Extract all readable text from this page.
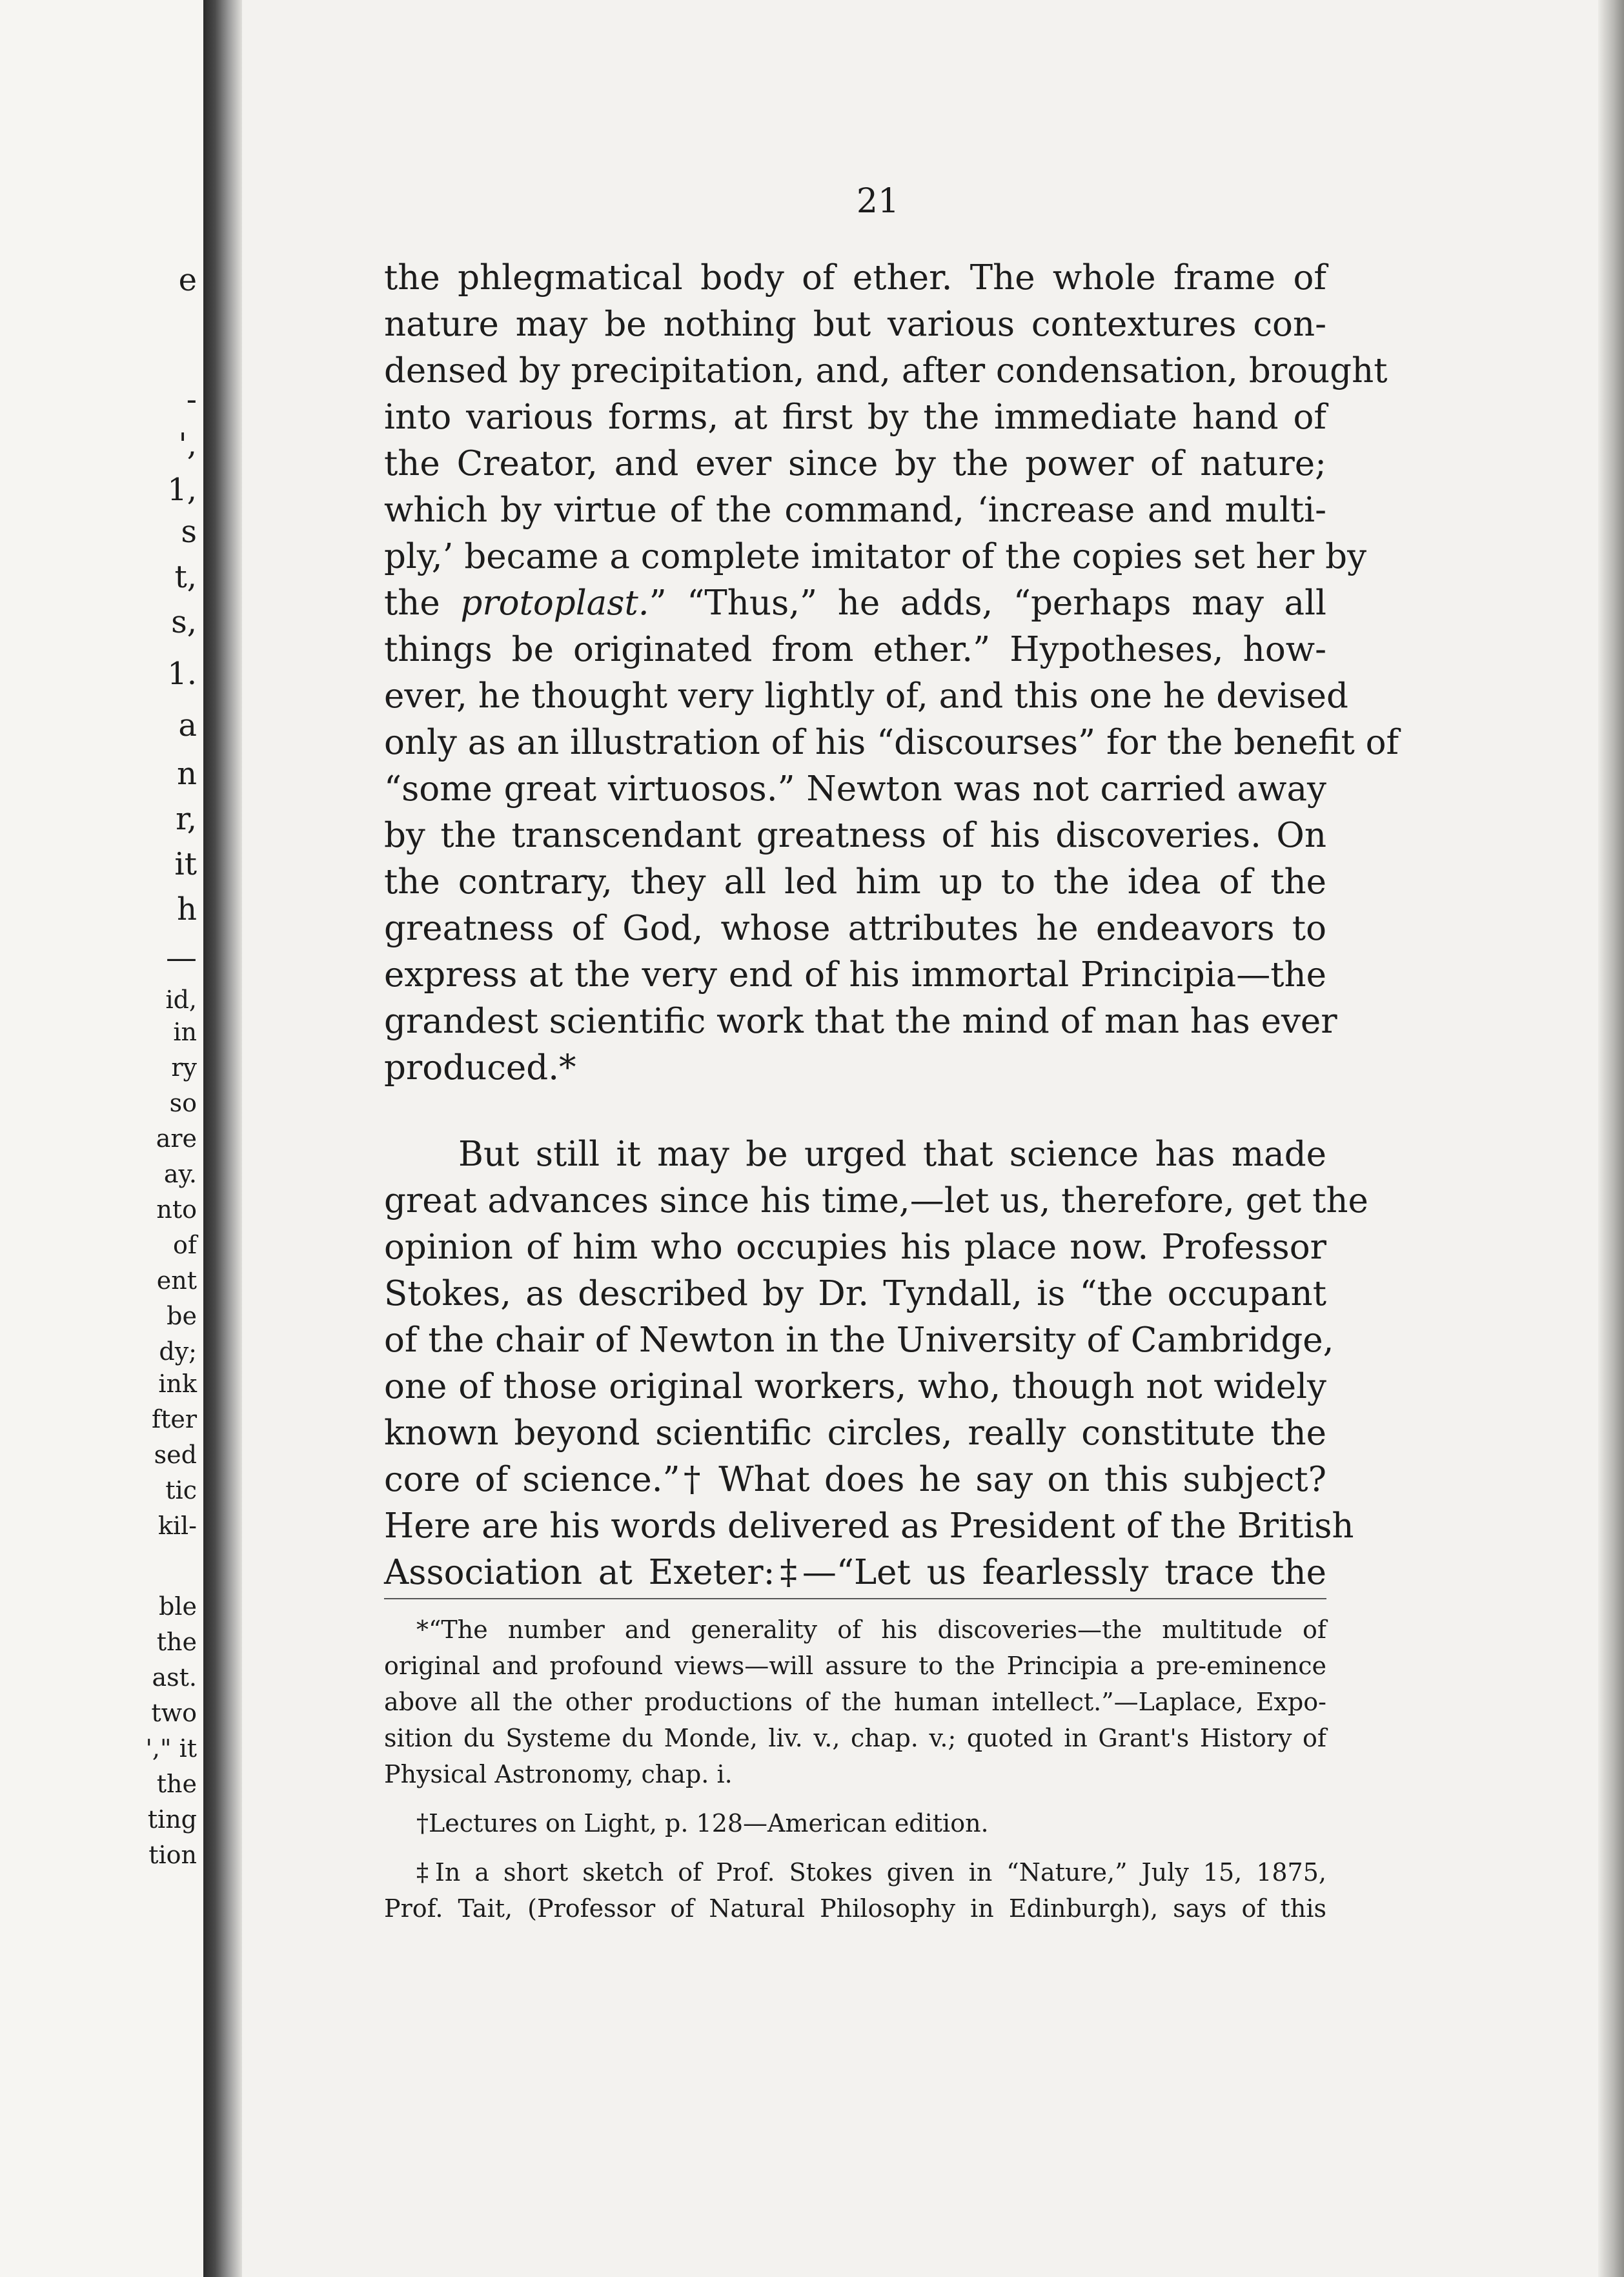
e
-
',
1,
s
t,
s,
1.
a
n
r,
it
h
—
id,
in
ry
so
are
ay.
nto
of
ent
be
dy;
ink
fter
sed
tic
kil-
ble
the
ast.
two
'," it
the
ting
tion
21
the phlegmatical body of ether. The whole frame of
nature may be nothing but various contextures con-
densed by precipitation, and, after condensation, brought
into various forms, at first by the immediate hand of
the Creator, and ever since by the power of nature;
which by virtue of the command, ‘increase and multi-
ply,’ became a complete imitator of the copies set her by
the protoplast.” “Thus,” he adds, “perhaps may all
things be originated from ether.” Hypotheses, how-
ever, he thought very lightly of, and this one he devised
only as an illustration of his “discourses” for the benefit of
“some great virtuosos.” Newton was not carried away
by the transcendant greatness of his discoveries. On
the contrary, they all led him up to the idea of the
greatness of God, whose attributes he endeavors to
express at the very end of his immortal Principia—the
grandest scientific work that the mind of man has ever
produced.*
But still it may be urged that science has made
great advances since his time,—let us, therefore, get the
opinion of him who occupies his place now. Professor
Stokes, as described by Dr. Tyndall, is “the occupant
of the chair of Newton in the University of Cambridge,
one of those original workers, who, though not widely
known beyond scientific circles, really constitute the
core of science.”† What does he say on this subject?
Here are his words delivered as President of the British
Association at Exeter:‡—“Let us fearlessly trace the
*“The number and generality of his discoveries—the multitude of
original and profound views—will assure to the Principia a pre-eminence
above all the other productions of the human intellect.”—Laplace, Expo-
sition du Systeme du Monde, liv. v., chap. v.; quoted in Grant's History of
Physical Astronomy, chap. i.
†Lectures on Light, p. 128—American edition.
‡In a short sketch of Prof. Stokes given in “Nature,” July 15, 1875,
Prof. Tait, (Professor of Natural Philosophy in Edinburgh), says of this
